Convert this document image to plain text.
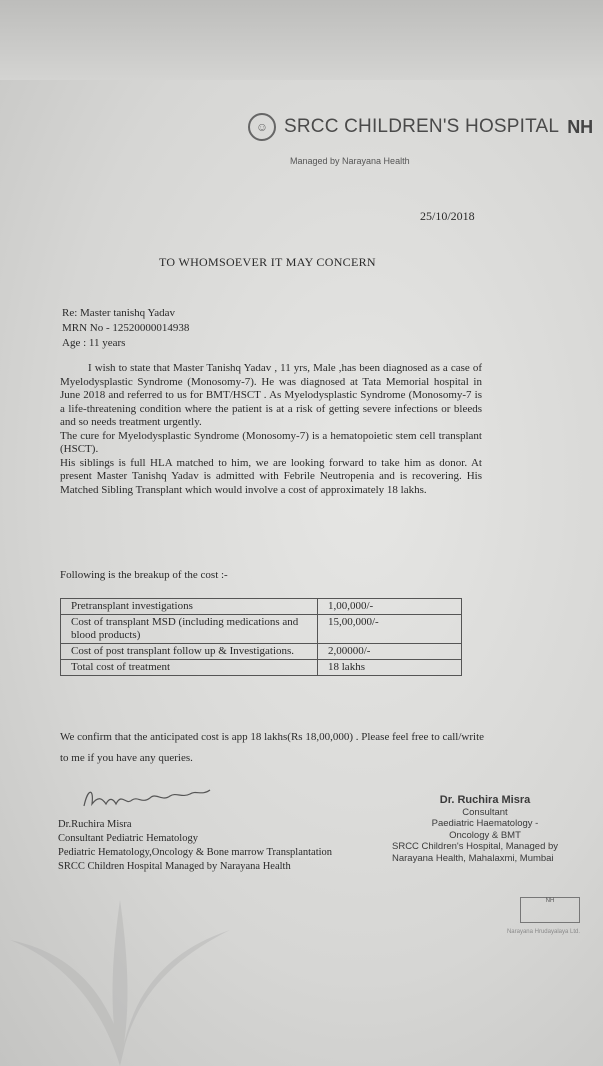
☺ SRCC CHILDREN'S HOSPITAL NH
Managed by Narayana Health
25/10/2018
TO WHOMSOEVER IT MAY CONCERN
Re: Master tanishq Yadav
MRN No - 12520000014938
Age : 11 years

I wish to state that Master Tanishq Yadav , 11 yrs, Male ,has been diagnosed as a case of Myelodysplastic Syndrome (Monosomy-7). He was diagnosed at Tata Memorial hospital in June 2018 and referred to us for BMT/HSCT . As Myelodysplastic Syndrome (Monosomy-7 is a life-threatening condition where the patient is at a risk of getting severe infections or bleeds and so needs treatment urgently.

The cure for Myelodysplastic Syndrome (Monosomy-7) is a hematopoietic stem cell transplant (HSCT).

His siblings is full HLA matched to him, we are looking forward to take him as donor. At present Master Tanishq Yadav is admitted with Febrile Neutropenia and is recovering. His Matched Sibling Transplant which would involve a cost of approximately 18 lakhs.

Following is the breakup of the cost :-
Pretransplant investigations	1,00,000/-
Cost of transplant MSD (including medications and blood products)	15,00,000/-
Cost of post transplant follow up & Investigations.	2,00000/-
Total cost of treatment	18 lakhs
We confirm that the anticipated cost is app 18 lakhs(Rs 18,00,000) . Please feel free to call/write to me if you have any queries.
Dr.Ruchira Misra
Consultant Pediatric Hematology
Pediatric Hematology,Oncology & Bone marrow Transplantation
SRCC Children Hospital Managed by Narayana Health
Dr. Ruchira Misra
Consultant
Paediatric Haematology -
Oncology & BMT
SRCC Children's Hospital, Managed by Narayana Health, Mahalaxmi, Mumbai
NH
Narayana Hrudayalaya Ltd.
